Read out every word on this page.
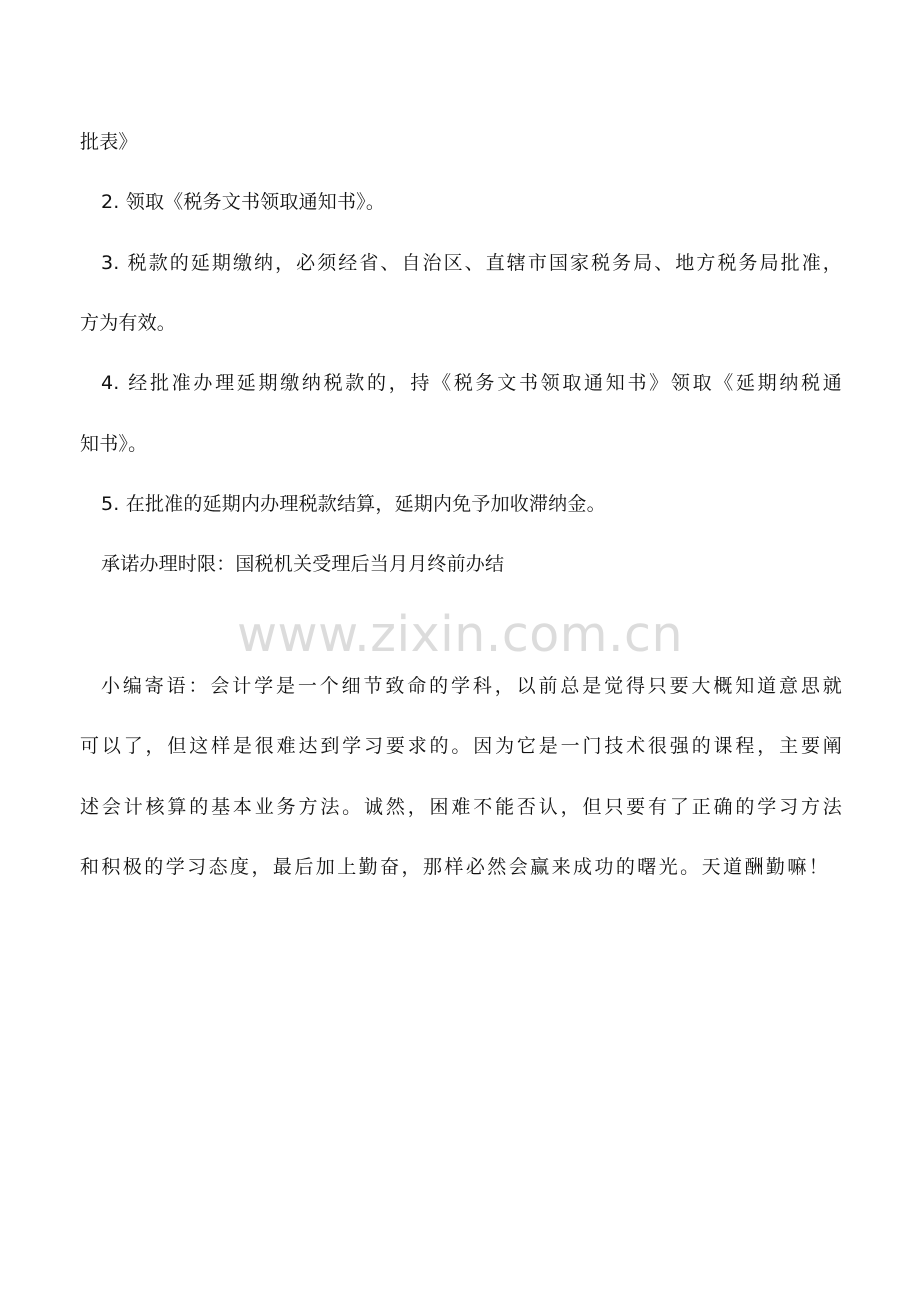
批表》
2. 领取《税务文书领取通知书》。
3. 税款的延期缴纳，必须经省、自治区、直辖市国家税务局、地方税务局批准，
方为有效。
4. 经批准办理延期缴纳税款的，持《税务文书领取通知书》领取《延期纳税通
知书》。
5. 在批准的延期内办理税款结算，延期内免予加收滞纳金。
承诺办理时限：国税机关受理后当月月终前办结
www.zixin.com.cn
小编寄语：会计学是一个细节致命的学科，以前总是觉得只要大概知道意思就
可以了，但这样是很难达到学习要求的。因为它是一门技术很强的课程，主要阐
述会计核算的基本业务方法。诚然，困难不能否认，但只要有了正确的学习方法
和积极的学习态度，最后加上勤奋，那样必然会赢来成功的曙光。天道酬勤嘛！
